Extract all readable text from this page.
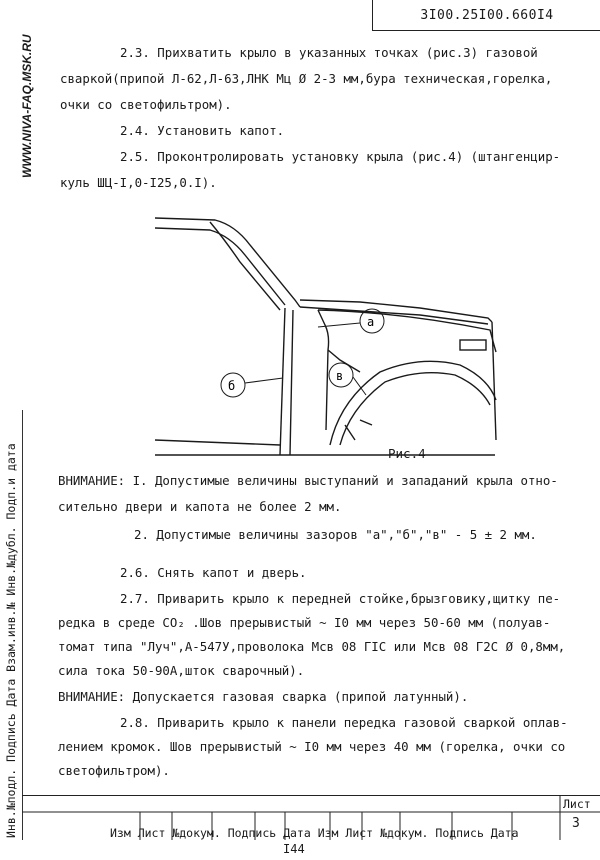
3I00.25I00.660I4
WWW.NIVA-FAQ.MSK.RU	2.3. Прихватить крыло в указанных точках (рис.3) газовой
сваркой(припой Л-62,Л-63,ЛНК Мц Ø 2-3 мм,бура техническая,горелка,
очки со светофильтром).
2.4. Установить капот.
2.5. Проконтролировать установку крыла (рис.4) (штангенцир-
куль ШЦ-I,0-I25,0.I).
а
в
б
Рис.4
ВНИМАНИЕ: I. Допустимые величины выступаний и западаний крыла отно-
сительно двери и капота не более 2 мм.
2. Допустимые величины зазоров "а","б","в" - 5 ± 2 мм.
2.6. Снять капот и дверь.
2.7. Приварить крыло к передней стойке,брызговику,щитку пе-
редка в среде CO₂ .Шов прерывистый ~ I0 мм через 50-60 мм (полуав-
томат типа "Луч",А-547У,проволока Мсв 08 ГIС или Мсв 08 Г2С Ø 0,8мм,
сила тока 50-90А,шток сварочный).
ВНИМАНИЕ: Допускается газовая сварка (припой латунный).
2.8. Приварить крыло к панели передка газовой сваркой оплав-
лением кромок. Шов прерывистый ~ I0 мм через 40 мм (горелка, очки со
светофильтром).
Инв.№подл. Подпись Дата Взам.инв.№ Инв.№дубл. Подп.и дата	Изм Лист №докум. Подпись Дата Изм Лист №докум. Подпись Дата
Лист
3
I44
